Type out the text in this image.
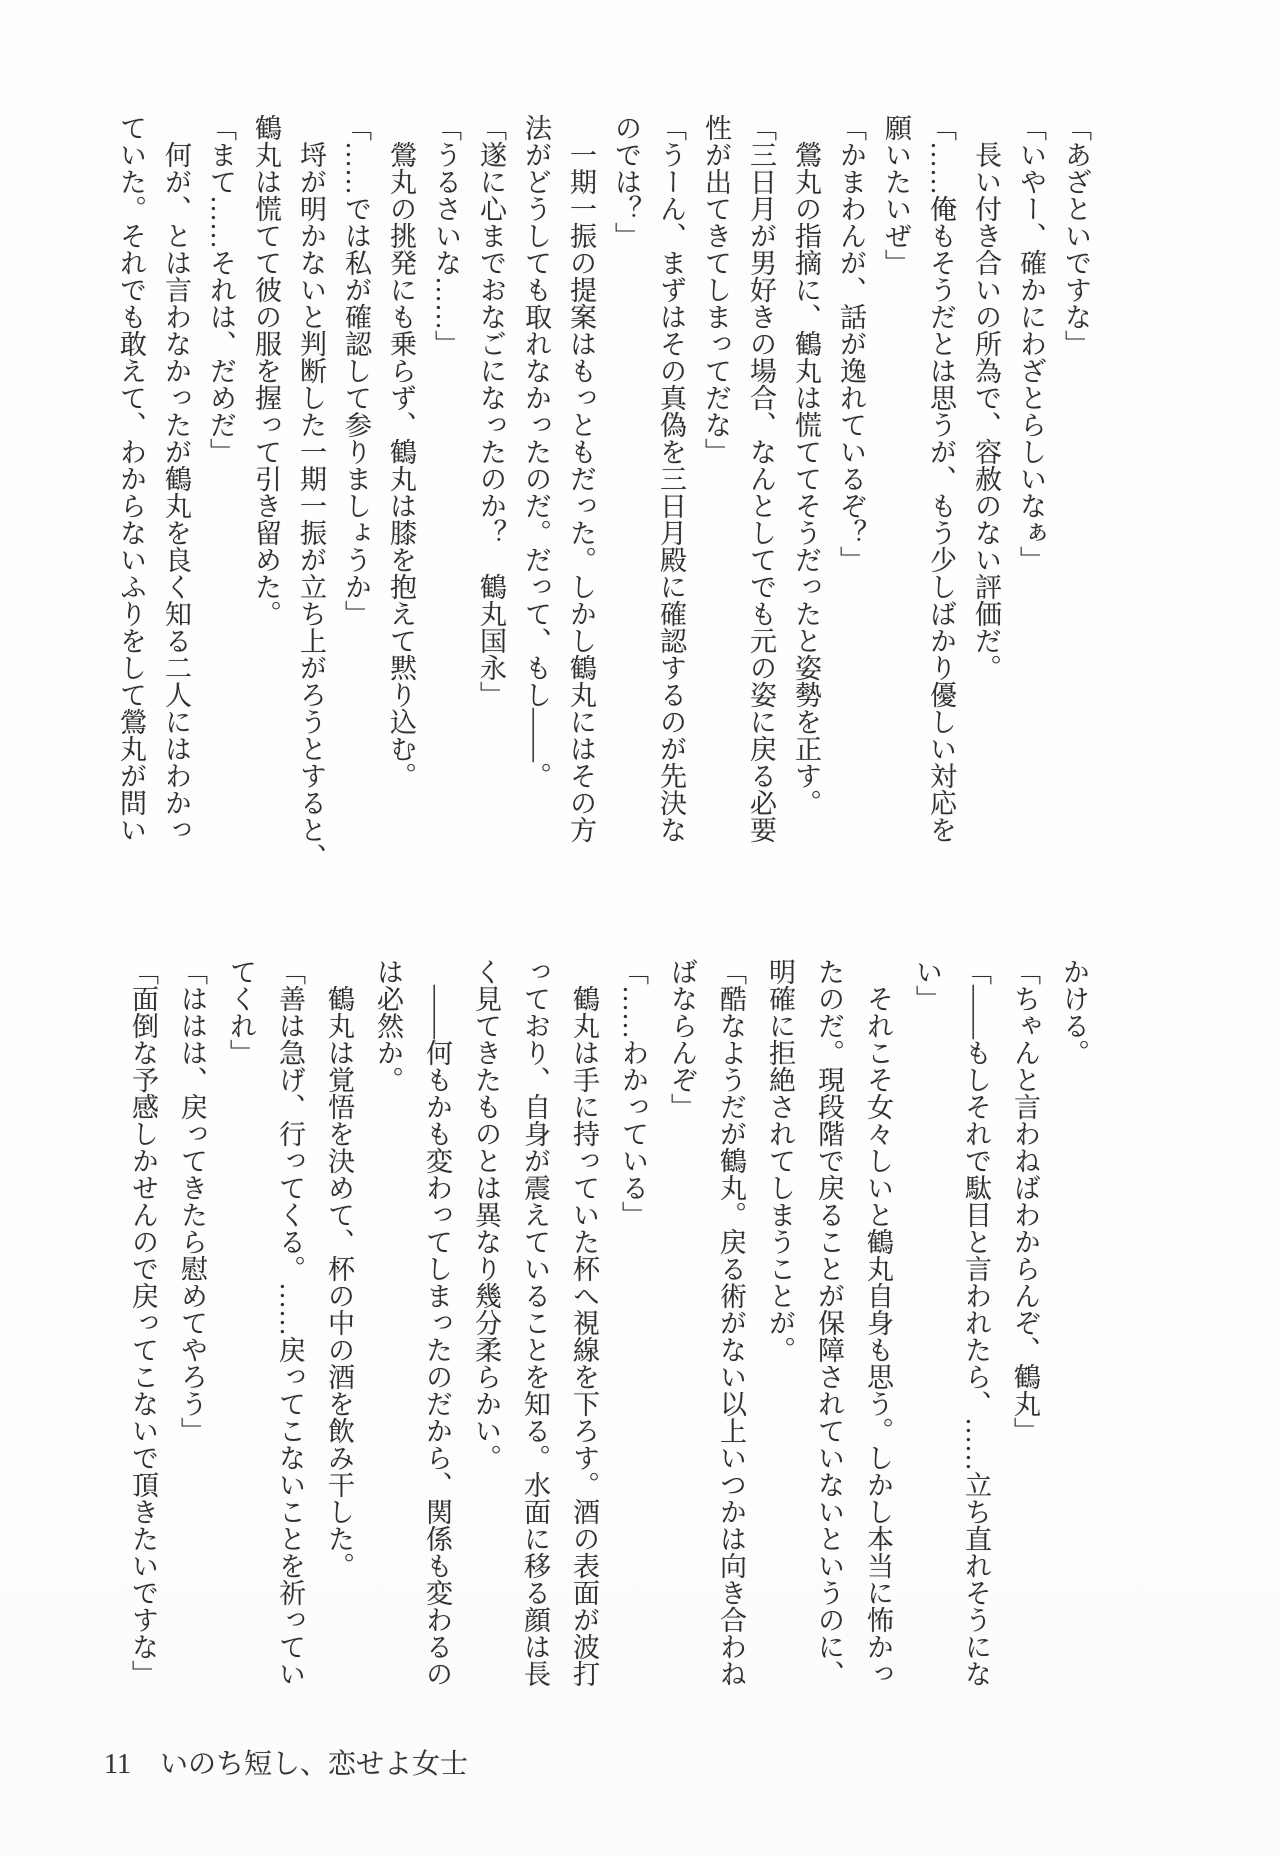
「あざといですな」

「いやー、確かにわざとらしいなぁ」

　長い付き合いの所為で、容赦のない評価だ。

「……俺もそうだとは思うが、もう少しばかり優しい対応を

願いたいぜ」

「かまわんが、話が逸れているぞ？」

　鶯丸の指摘に、鶴丸は慌ててそうだったと姿勢を正す。

「三日月が男好きの場合、なんとしてでも元の姿に戻る必要

性が出てきてしまってだな」

「うーん、まずはその真偽を三日月殿に確認するのが先決な

のでは？」

　一期一振の提案はもっともだった。しかし鶴丸にはその方

法がどうしても取れなかったのだ。だって、もし――。

「遂に心までおなごになったのか？　鶴丸国永」

「うるさいな……」

　鶯丸の挑発にも乗らず、鶴丸は膝を抱えて黙り込む。

「……では私が確認して参りましょうか」

　埒が明かないと判断した一期一振が立ち上がろうとすると、

鶴丸は慌てて彼の服を握って引き留めた。

「まて……それは、だめだ」

　何が、とは言わなかったが鶴丸を良く知る二人にはわかっ

ていた。それでも敢えて、わからないふりをして鶯丸が問い

かける。

「ちゃんと言わねばわからんぞ、鶴丸」

「――もしそれで駄目と言われたら、……立ち直れそうにな

い」

　それこそ女々しいと鶴丸自身も思う。しかし本当に怖かっ

たのだ。現段階で戻ることが保障されていないというのに、

明確に拒絶されてしまうことが。

「酷なようだが鶴丸。戻る術がない以上いつかは向き合わね

ばならんぞ」

「……わかっている」

　鶴丸は手に持っていた杯へ視線を下ろす。酒の表面が波打

っており、自身が震えていることを知る。水面に移る顔は長

く見てきたものとは異なり幾分柔らかい。

　――何もかも変わってしまったのだから、関係も変わるの

は必然か。

　鶴丸は覚悟を決めて、杯の中の酒を飲み干した。

「善は急げ、行ってくる。……戻ってこないことを祈ってい

てくれ」

「ははは、戻ってきたら慰めてやろう」

「面倒な予感しかせんので戻ってこないで頂きたいですな」

11 いのち短し、恋せよ女士
